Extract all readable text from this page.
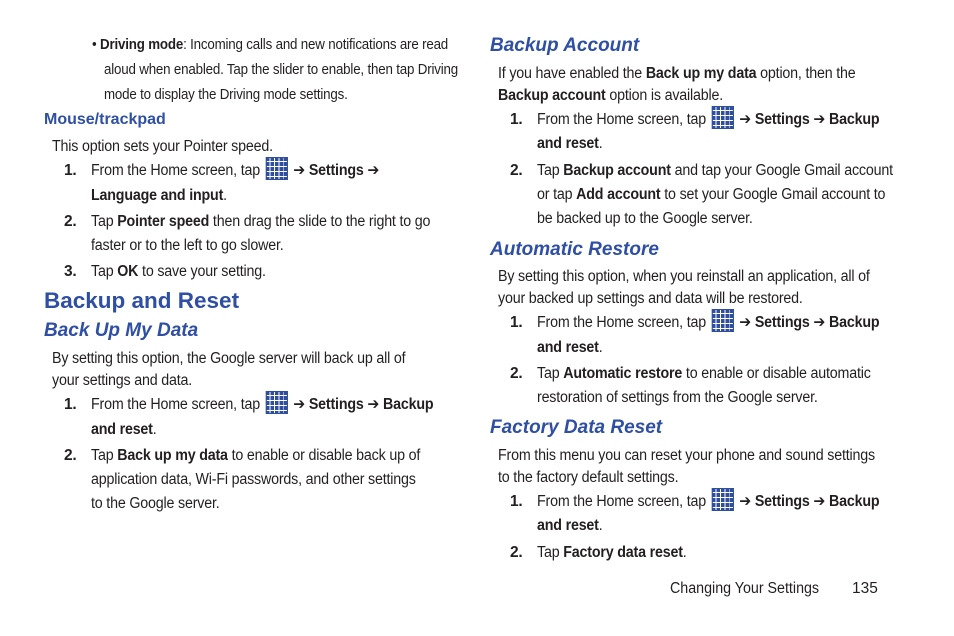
• Driving mode: Incoming calls and new notifications are read
aloud when enabled. Tap the slider to enable, then tap Driving
mode to display the Driving mode settings.
Mouse/trackpad
This option sets your Pointer speed.
1. From the Home screen, tap ➔ Settings ➔
Language and input.
2. Tap Pointer speed then drag the slide to the right to go
faster or to the left to go slower.
3. Tap OK to save your setting.
Backup and Reset
Back Up My Data
By setting this option, the Google server will back up all of
your settings and data.
1. From the Home screen, tap ➔ Settings ➔ Backup
and reset.
2. Tap Back up my data to enable or disable back up of
application data, Wi-Fi passwords, and other settings
to the Google server.
Backup Account
If you have enabled the Back up my data option, then the
Backup account option is available.
1. From the Home screen, tap ➔ Settings ➔ Backup
and reset.
2. Tap Backup account and tap your Google Gmail account
or tap Add account to set your Google Gmail account to
be backed up to the Google server.
Automatic Restore
By setting this option, when you reinstall an application, all of
your backed up settings and data will be restored.
1. From the Home screen, tap ➔ Settings ➔ Backup
and reset.
2. Tap Automatic restore to enable or disable automatic
restoration of settings from the Google server.
Factory Data Reset
From this menu you can reset your phone and sound settings
to the factory default settings.
1. From the Home screen, tap ➔ Settings ➔ Backup
and reset.
2. Tap Factory data reset.
Changing Your Settings	135
